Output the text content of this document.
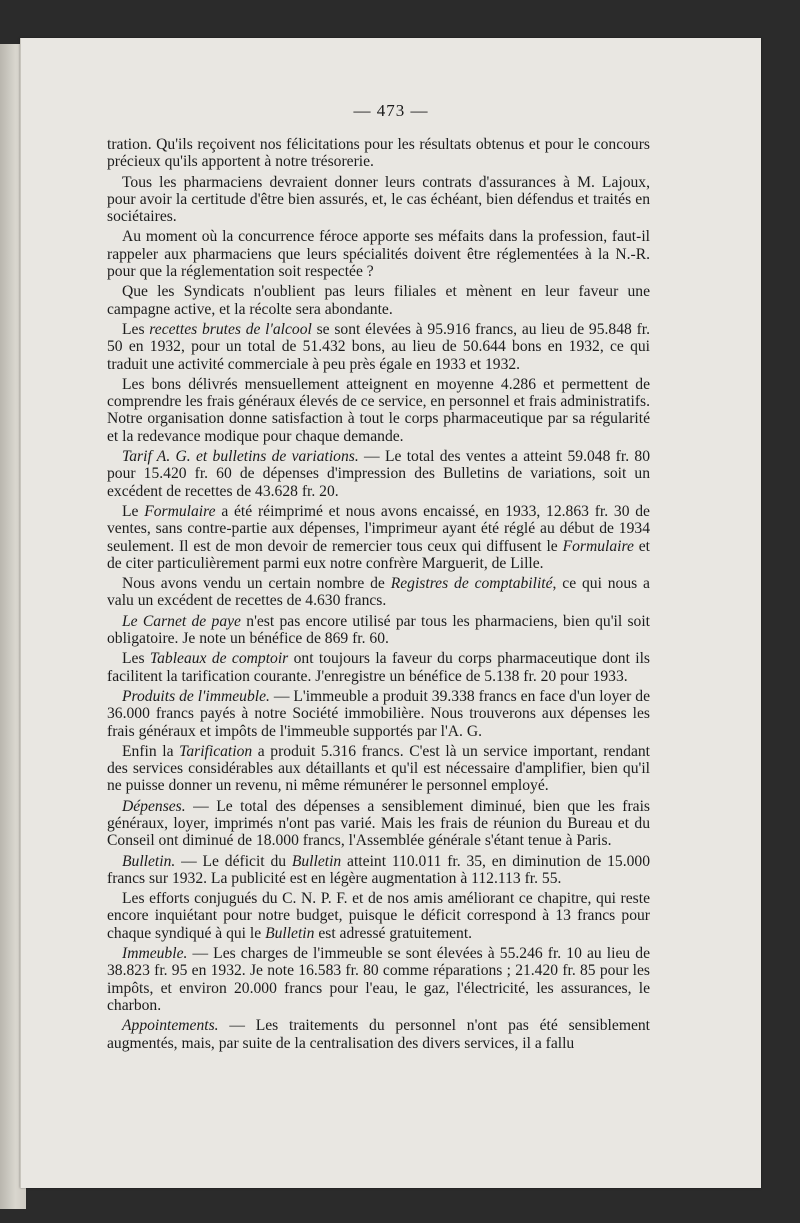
— 473 —

tration. Qu'ils reçoivent nos félicitations pour les résultats obtenus et pour le concours précieux qu'ils apportent à notre trésorerie.

Tous les pharmaciens devraient donner leurs contrats d'assurances à M. Lajoux, pour avoir la certitude d'être bien assurés, et, le cas échéant, bien défendus et traités en sociétaires.

Au moment où la concurrence féroce apporte ses méfaits dans la profession, faut-il rappeler aux pharmaciens que leurs spécialités doivent être réglementées à la N.-R. pour que la réglementation soit respectée ?

Que les Syndicats n'oublient pas leurs filiales et mènent en leur faveur une campagne active, et la récolte sera abondante.

Les recettes brutes de l'alcool se sont élevées à 95.916 francs, au lieu de 95.848 fr. 50 en 1932, pour un total de 51.432 bons, au lieu de 50.644 bons en 1932, ce qui traduit une activité commerciale à peu près égale en 1933 et 1932.

Les bons délivrés mensuellement atteignent en moyenne 4.286 et permettent de comprendre les frais généraux élevés de ce service, en personnel et frais administratifs. Notre organisation donne satisfaction à tout le corps pharmaceutique par sa régularité et la redevance modique pour chaque demande.

Tarif A. G. et bulletins de variations. — Le total des ventes a atteint 59.048 fr. 80 pour 15.420 fr. 60 de dépenses d'impression des Bulletins de variations, soit un excédent de recettes de 43.628 fr. 20.

Le Formulaire a été réimprimé et nous avons encaissé, en 1933, 12.863 fr. 30 de ventes, sans contre-partie aux dépenses, l'imprimeur ayant été réglé au début de 1934 seulement. Il est de mon devoir de remercier tous ceux qui diffusent le Formulaire et de citer particulièrement parmi eux notre confrère Marguerit, de Lille.

Nous avons vendu un certain nombre de Registres de comptabilité, ce qui nous a valu un excédent de recettes de 4.630 francs.

Le Carnet de paye n'est pas encore utilisé par tous les pharmaciens, bien qu'il soit obligatoire. Je note un bénéfice de 869 fr. 60.

Les Tableaux de comptoir ont toujours la faveur du corps pharmaceutique dont ils facilitent la tarification courante. J'enregistre un bénéfice de 5.138 fr. 20 pour 1933.

Produits de l'immeuble. — L'immeuble a produit 39.338 francs en face d'un loyer de 36.000 francs payés à notre Société immobilière. Nous trouverons aux dépenses les frais généraux et impôts de l'immeuble supportés par l'A. G.

Enfin la Tarification a produit 5.316 francs. C'est là un service important, rendant des services considérables aux détaillants et qu'il est nécessaire d'amplifier, bien qu'il ne puisse donner un revenu, ni même rémunérer le personnel employé.

Dépenses. — Le total des dépenses a sensiblement diminué, bien que les frais généraux, loyer, imprimés n'ont pas varié. Mais les frais de réunion du Bureau et du Conseil ont diminué de 18.000 francs, l'Assemblée générale s'étant tenue à Paris.

Bulletin. — Le déficit du Bulletin atteint 110.011 fr. 35, en diminution de 15.000 francs sur 1932. La publicité est en légère augmentation à 112.113 fr. 55.

Les efforts conjugués du C. N. P. F. et de nos amis améliorant ce chapitre, qui reste encore inquiétant pour notre budget, puisque le déficit correspond à 13 francs pour chaque syndiqué à qui le Bulletin est adressé gratuitement.

Immeuble. — Les charges de l'immeuble se sont élevées à 55.246 fr. 10 au lieu de 38.823 fr. 95 en 1932. Je note 16.583 fr. 80 comme réparations ; 21.420 fr. 85 pour les impôts, et environ 20.000 francs pour l'eau, le gaz, l'électricité, les assurances, le charbon.

Appointements. — Les traitements du personnel n'ont pas été sensiblement augmentés, mais, par suite de la centralisation des divers services, il a fallu
